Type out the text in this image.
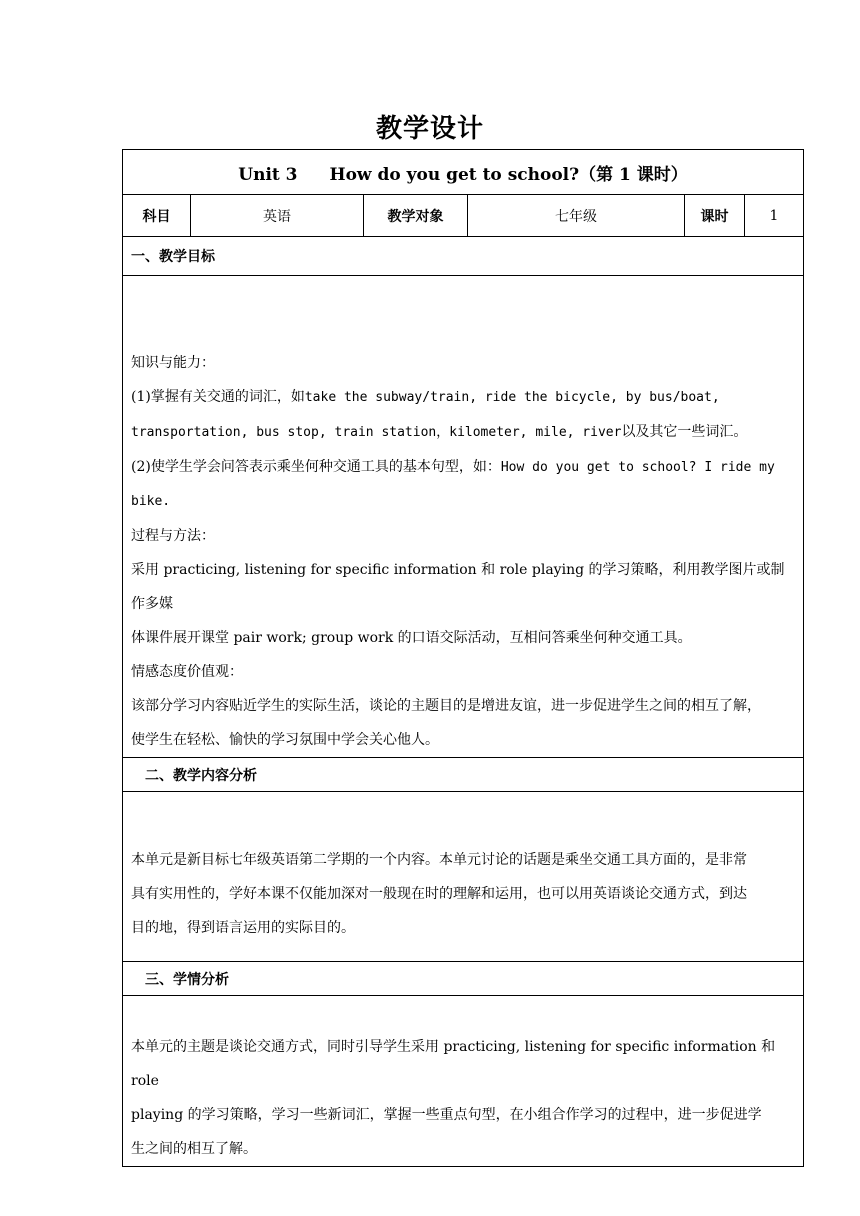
教学设计
Unit 3 How do you get to school?（第 1 课时）
科目	英语	教学对象	七年级	课时	1
一、教学目标

知识与能力：

(1)掌握有关交通的词汇，如take the subway/train, ride the bicycle, by bus/boat,

transportation, bus stop, train station，kilometer, mile, river以及其它一些词汇。

(2)使学生学会问答表示乘坐何种交通工具的基本句型，如：How do you get to school? I ride my

bike.

过程与方法：

采用 practicing, listening for specific information 和 role playing 的学习策略，利用教学图片或制作多媒

体课件展开课堂 pair work; group work 的口语交际活动，互相问答乘坐何种交通工具。

情感态度价值观：

该部分学习内容贴近学生的实际生活，谈论的主题目的是增进友谊，进一步促进学生之间的相互了解，

使学生在轻松、愉快的学习氛围中学会关心他人。

二、教学内容分析

本单元是新目标七年级英语第二学期的一个内容。本单元讨论的话题是乘坐交通工具方面的，是非常

具有实用性的，学好本课不仅能加深对一般现在时的理解和运用，也可以用英语谈论交通方式，到达

目的地，得到语言运用的实际目的。

三、学情分析

本单元的主题是谈论交通方式，同时引导学生采用 practicing, listening for specific information 和 role

playing 的学习策略，学习一些新词汇，掌握一些重点句型，在小组合作学习的过程中，进一步促进学

生之间的相互了解。
